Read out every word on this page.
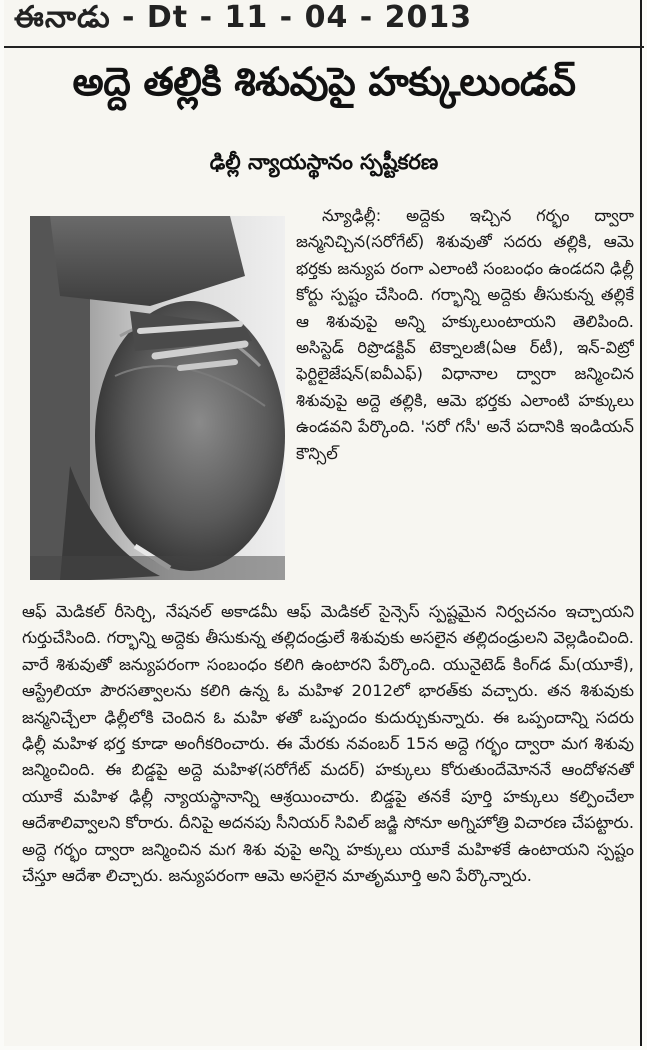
ఈనాడు - Dt - 11 - 04 - 2013
అద్దె తల్లికి శిశువుపై హక్కులుండవ్
ఢిల్లీ న్యాయస్థానం స్పష్టీకరణ

న్యూఢిల్లీ: అద్దెకు ఇచ్చిన గర్భం ద్వారా జన్మనిచ్చిన(సరోగేట్) శిశువుతో సదరు తల్లికి, ఆమె భర్తకు జన్యుప రంగా ఎలాంటి సంబంధం ఉండదని ఢిల్లీ కోర్టు స్పష్టం చేసింది. గర్భాన్ని అద్దెకు తీసుకున్న తల్లికే ఆ శిశువుపై అన్ని హక్కులుంటాయని తెలిపింది. అసిస్టెడ్ రిప్రొడక్టివ్ టెక్నాలజీ(ఏఆ ర్‌టీ), ఇన్-విట్రో ఫెర్టిలైజేషన్(ఐవీఎఫ్) విధానాల ద్వారా జన్మించిన శిశువుపై అద్దె తల్లికి, ఆమె భర్తకు ఎలాంటి హక్కులు ఉండవని పేర్కొంది. 'సరో గసీ' అనే పదానికి ఇండియన్ కౌన్సిల్

ఆఫ్ మెడికల్ రీసెర్చి, నేషనల్ అకాడమీ ఆఫ్ మెడికల్ సైన్సెస్ స్పష్టమైన నిర్వచనం ఇచ్చాయని గుర్తుచేసింది. గర్భాన్ని అద్దెకు తీసుకున్న తల్లిదండ్రులే శిశువుకు అసలైన తల్లిదండ్రులని వెల్లడించింది. వారే శిశువుతో జన్యుపరంగా సంబంధం కలిగి ఉంటారని పేర్కొంది. యునైటెడ్ కింగ్‌డ మ్(యూకే), ఆస్ట్రేలియా పౌరసత్వాలను కలిగి ఉన్న ఓ మహిళ 2012లో భారత్‌కు వచ్చారు. తన శిశువుకు జన్మనిచ్చేలా ఢిల్లీలోకి చెందిన ఓ మహి ళతో ఒప్పందం కుదుర్చుకున్నారు. ఈ ఒప్పందాన్ని సదరు ఢిల్లీ మహిళ భర్త కూడా అంగీకరించారు. ఈ మేరకు నవంబర్ 15న అద్దె గర్భం ద్వారా మగ శిశువు జన్మించింది. ఈ బిడ్డపై అద్దె మహిళ(సరోగేట్ మదర్) హక్కులు కోరుతుందేమోననే ఆందోళనతో యూకే మహిళ ఢిల్లీ న్యాయస్థానాన్ని ఆశ్రయించారు. బిడ్డపై తనకే పూర్తి హక్కులు కల్పించేలా ఆదేశాలివ్వాలని కోరారు. దీనిపై అదనపు సీనియర్ సివిల్ జడ్జి సోనూ అగ్నిహోత్రి విచారణ చేపట్టారు. అద్దె గర్భం ద్వారా జన్మించిన మగ శిశు వుపై అన్ని హక్కులు యూకే మహిళకే ఉంటాయని స్పష్టం చేస్తూ ఆదేశా లిచ్చారు. జన్యుపరంగా ఆమె అసలైన మాతృమూర్తి అని పేర్కొన్నారు.
